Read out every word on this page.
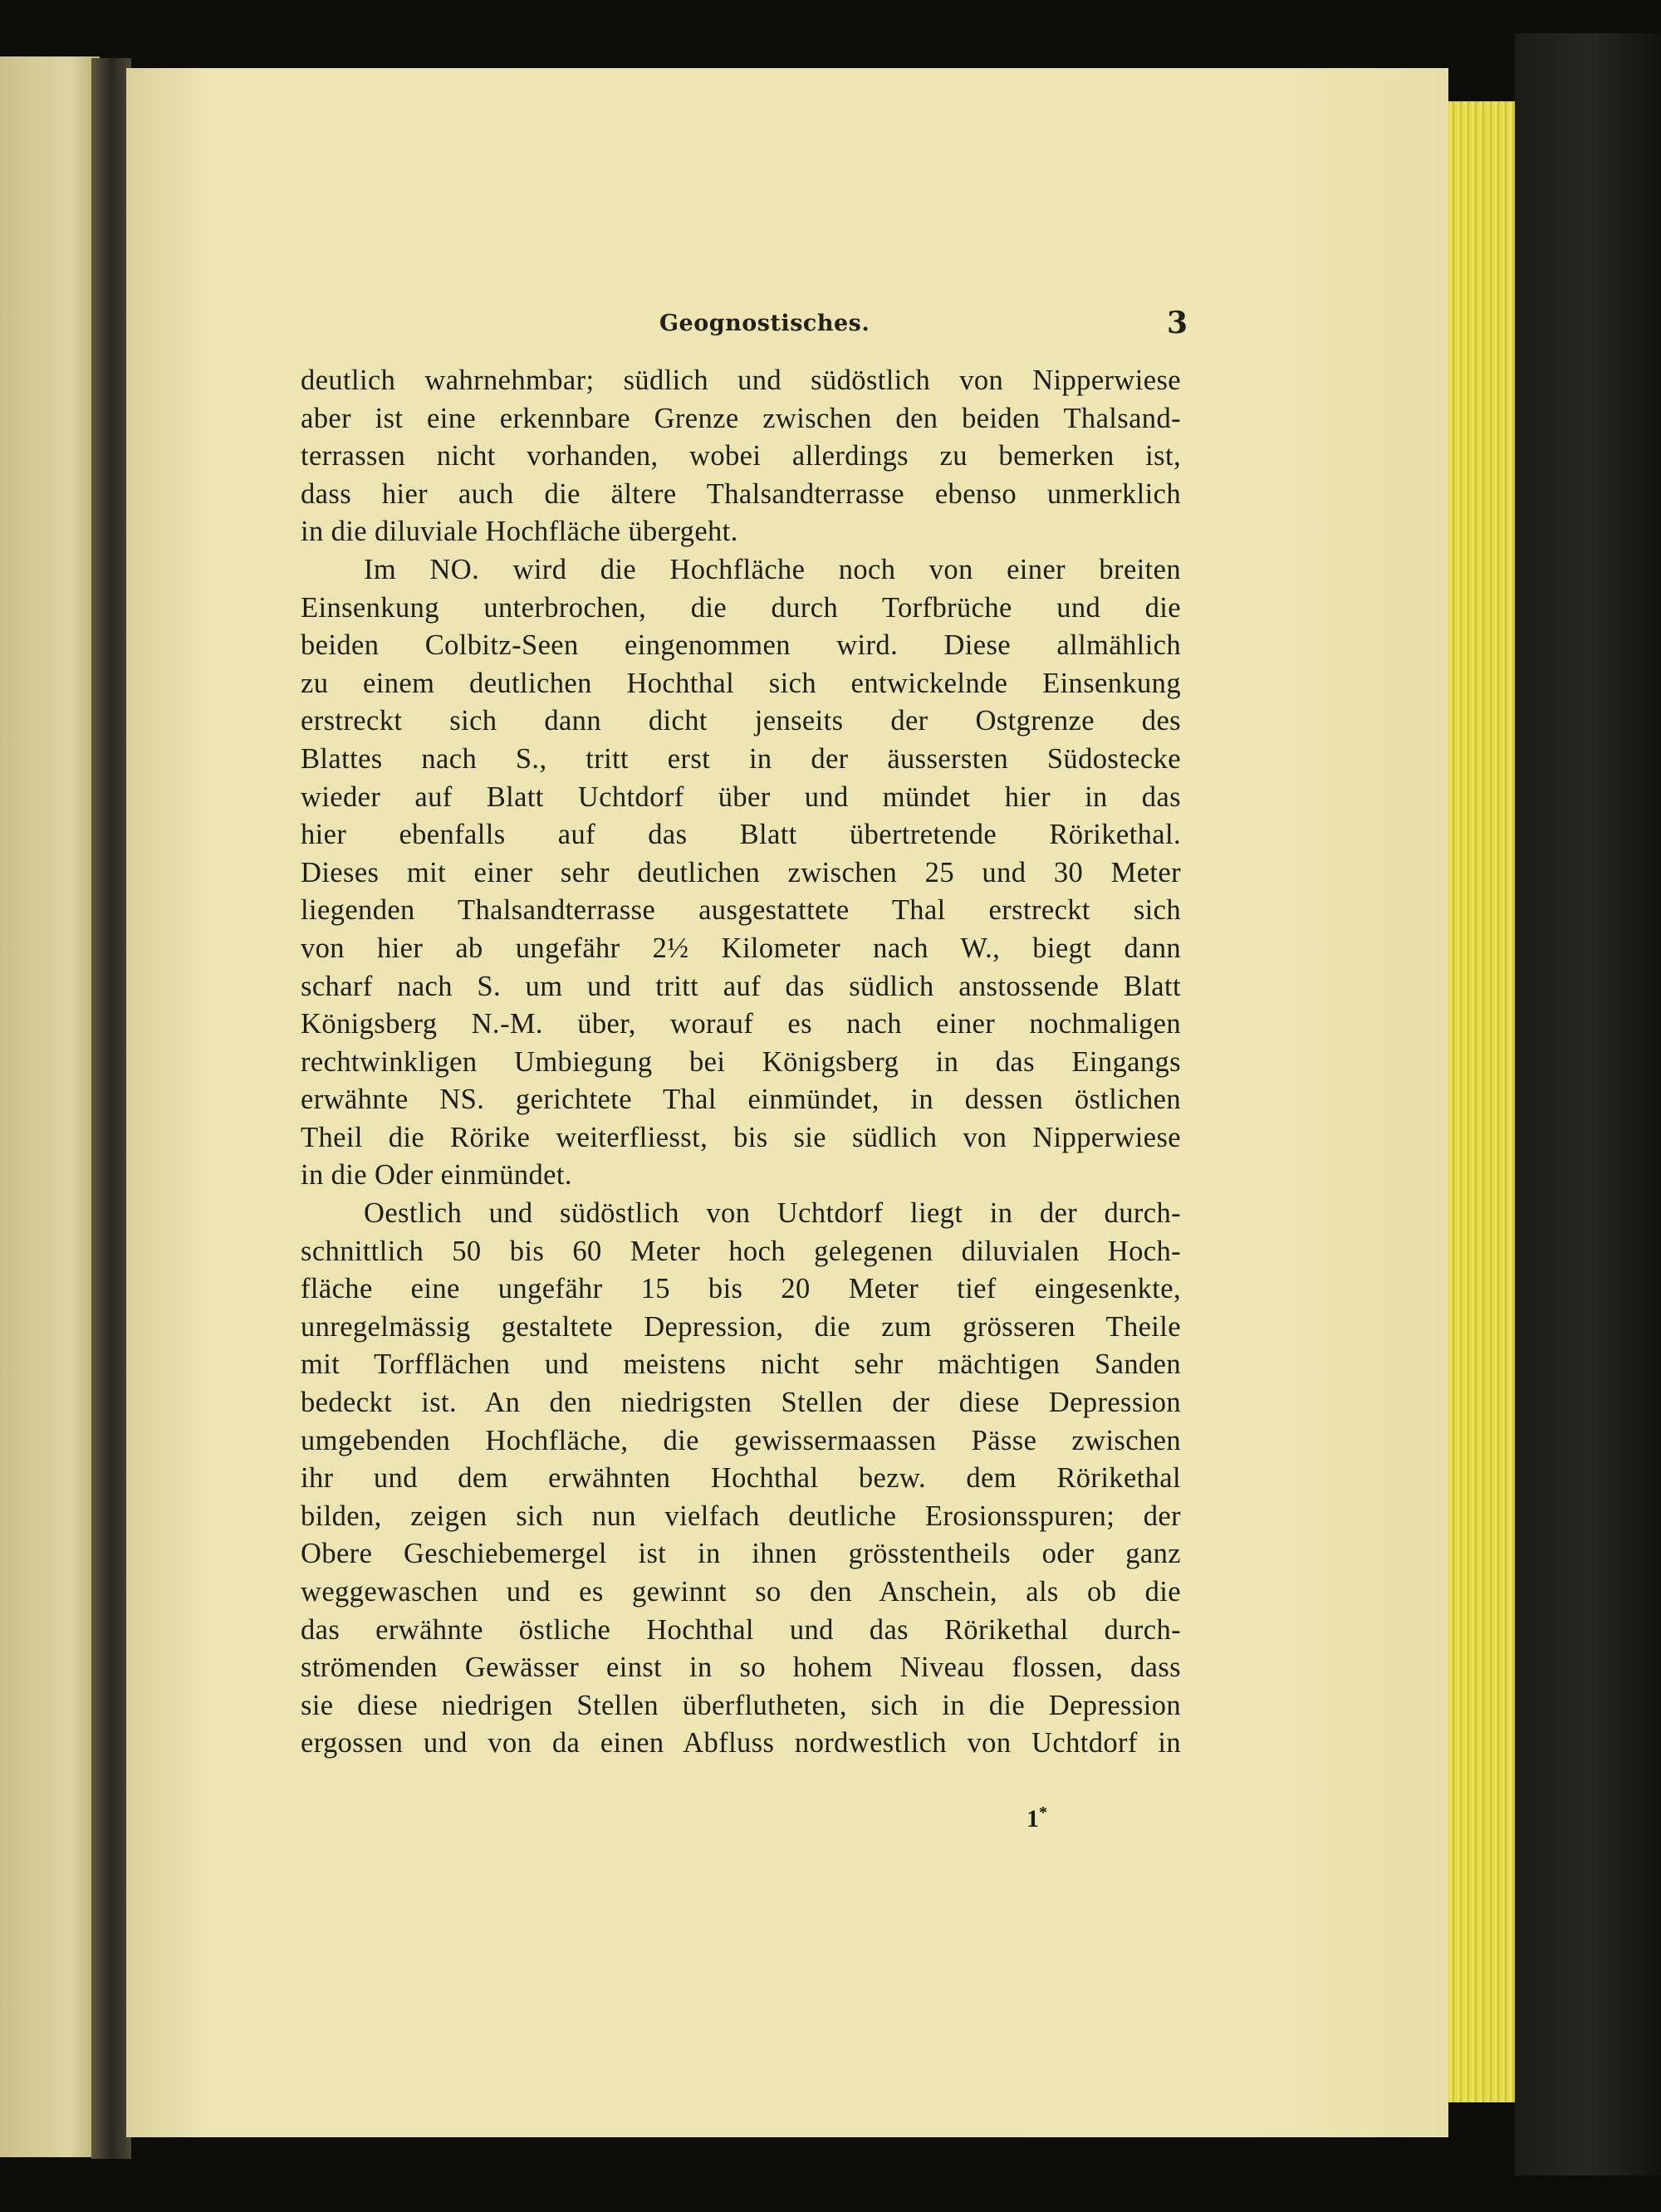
Geognostisches.	3
deutlich wahrnehmbar; südlich und südöstlich von Nipperwiese
aber ist eine erkennbare Grenze zwischen den beiden Thalsand-
terrassen nicht vorhanden, wobei allerdings zu bemerken ist,
dass hier auch die ältere Thalsandterrasse ebenso unmerklich
in die diluviale Hochfläche übergeht.
Im NO. wird die Hochfläche noch von einer breiten
Einsenkung unterbrochen, die durch Torfbrüche und die
beiden Colbitz-Seen eingenommen wird. Diese allmählich
zu einem deutlichen Hochthal sich entwickelnde Einsenkung
erstreckt sich dann dicht jenseits der Ostgrenze des
Blattes nach S., tritt erst in der äussersten Südostecke
wieder auf Blatt Uchtdorf über und mündet hier in das
hier ebenfalls auf das Blatt übertretende Rörikethal.
Dieses mit einer sehr deutlichen zwischen 25 und 30 Meter
liegenden Thalsandterrasse ausgestattete Thal erstreckt sich
von hier ab ungefähr 2½ Kilometer nach W., biegt dann
scharf nach S. um und tritt auf das südlich anstossende Blatt
Königsberg N.-M. über, worauf es nach einer nochmaligen
rechtwinkligen Umbiegung bei Königsberg in das Eingangs
erwähnte NS. gerichtete Thal einmündet, in dessen östlichen
Theil die Rörike weiterfliesst, bis sie südlich von Nipperwiese
in die Oder einmündet.
Oestlich und südöstlich von Uchtdorf liegt in der durch-
schnittlich 50 bis 60 Meter hoch gelegenen diluvialen Hoch-
fläche eine ungefähr 15 bis 20 Meter tief eingesenkte,
unregelmässig gestaltete Depression, die zum grösseren Theile
mit Torfflächen und meistens nicht sehr mächtigen Sanden
bedeckt ist. An den niedrigsten Stellen der diese Depression
umgebenden Hochfläche, die gewissermaassen Pässe zwischen
ihr und dem erwähnten Hochthal bezw. dem Rörikethal
bilden, zeigen sich nun vielfach deutliche Erosionsspuren; der
Obere Geschiebemergel ist in ihnen grösstentheils oder ganz
weggewaschen und es gewinnt so den Anschein, als ob die
das erwähnte östliche Hochthal und das Rörikethal durch-
strömenden Gewässer einst in so hohem Niveau flossen, dass
sie diese niedrigen Stellen überflutheten, sich in die Depression
ergossen und von da einen Abfluss nordwestlich von Uchtdorf in
1*
